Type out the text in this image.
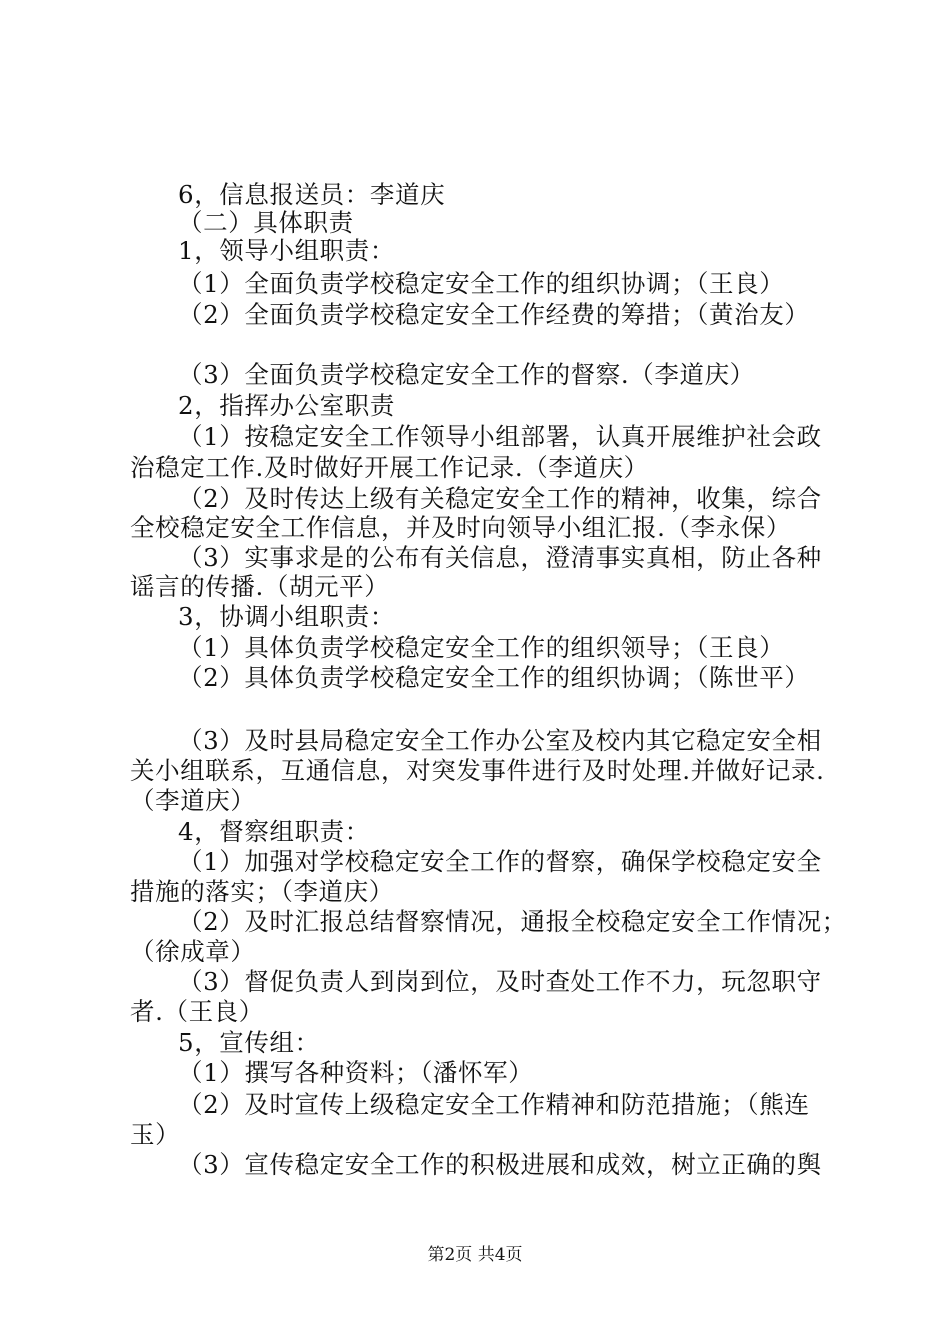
6，信息报送员：李道庆
（二）具体职责
1，领导小组职责：
（1）全面负责学校稳定安全工作的组织协调；（王良）
（2）全面负责学校稳定安全工作经费的筹措；（黄治友）
（3）全面负责学校稳定安全工作的督察.（李道庆）
2，指挥办公室职责
（1）按稳定安全工作领导小组部署，认真开展维护社会政
治稳定工作.及时做好开展工作记录.（李道庆）
（2）及时传达上级有关稳定安全工作的精神，收集，综合
全校稳定安全工作信息，并及时向领导小组汇报.（李永保）
（3）实事求是的公布有关信息，澄清事实真相，防止各种
谣言的传播.（胡元平）
3，协调小组职责：
（1）具体负责学校稳定安全工作的组织领导；（王良）
（2）具体负责学校稳定安全工作的组织协调；（陈世平）
（3）及时县局稳定安全工作办公室及校内其它稳定安全相
关小组联系，互通信息，对突发事件进行及时处理.并做好记录.
（李道庆）
4，督察组职责：
（1）加强对学校稳定安全工作的督察，确保学校稳定安全
措施的落实；（李道庆）
（2）及时汇报总结督察情况，通报全校稳定安全工作情况；
（徐成章）
（3）督促负责人到岗到位，及时查处工作不力，玩忽职守
者.（王良）
5，宣传组：
（1）撰写各种资料；（潘怀军）
（2）及时宣传上级稳定安全工作精神和防范措施；（熊连
玉）
（3）宣传稳定安全工作的积极进展和成效，树立正确的舆
第2页 共4页
